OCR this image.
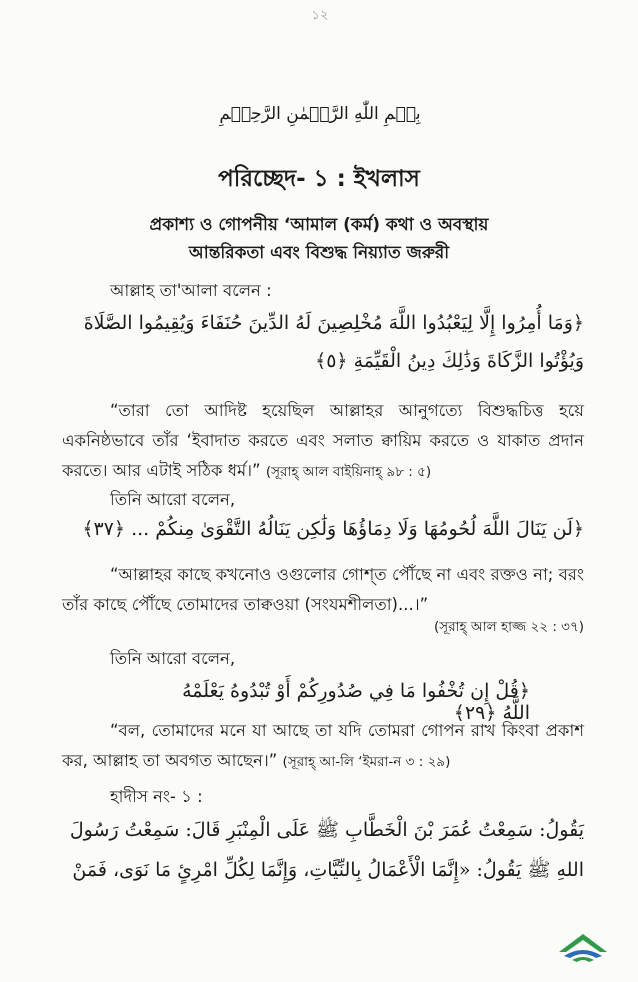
১২
بِسۡمِ اللّٰهِ الرَّحۡمٰنِ الرَّحِیۡمِ
পরিচ্ছেদ- ১ : ইখলাস
প্রকাশ্য ও গোপনীয় ‘আমাল (কর্ম) কথা ও অবস্থায়
আন্তরিকতা এবং বিশুদ্ধ নিয়্যাত জরুরী
আল্লাহ তা'আলা বলেন :
﴿وَمَا أُمِرُوا إِلَّا لِيَعْبُدُوا اللَّهَ مُخْلِصِينَ لَهُ الدِّينَ حُنَفَاءَ وَيُقِيمُوا الصَّلَاةَ
وَيُؤْتُوا الزَّكَاةَ وَذَٰلِكَ دِينُ الْقَيِّمَةِ ﴿٥﴾
“তারা তো আদিষ্ট হয়েছিল আল্লাহর আনুগত্যে বিশুদ্ধচিত্ত হয়ে একনিষ্ঠভাবে তাঁর ‘ইবাদাত করতে এবং সলাত ক্বায়িম করতে ও যাকাত প্রদান করতে। আর এটাই সঠিক ধর্ম।” (সূরাহ্ আল বাইয়িনাহ্ ৯৮ : ৫)
তিনি আরো বলেন,
﴿لَن يَنَالَ اللَّهَ لُحُومُهَا وَلَا دِمَاؤُهَا وَلَٰكِن يَنَالُهُ التَّقْوَىٰ مِنكُمْ ... ﴿٣٧﴾
“আল্লাহর কাছে কখনোও ওগুলোর গোশ্‌ত পৌঁছে না এবং রক্তও না; বরং তাঁর কাছে পৌঁছে তোমাদের তাক্বওয়া (সংযমশীলতা)...।”
(সূরাহ্ আল হাজ্জ ২২ : ৩৭)
তিনি আরো বলেন,
﴿قُلْ إِن تُخْفُوا مَا فِي صُدُورِكُمْ أَوْ تُبْدُوهُ يَعْلَمْهُ اللَّهُ ﴿٢٩﴾
“বল, তোমাদের মনে যা আছে তা যদি তোমরা গোপন রাখ কিংবা প্রকাশ কর, আল্লাহ তা অবগত আছেন।” (সূরাহ্ আ-লি ‘ইমরা-ন ৩ : ২৯)
হাদীস নং- ১ :
يَقُولُ: سَمِعْتُ عُمَرَ بْنَ الْخَطَّابِ ﷺ عَلَى الْمِنْبَرِ قَالَ: سَمِعْتُ رَسُولَ
اللهِ ﷺ يَقُولُ: «إِنَّمَا الْأَعْمَالُ بِالنِّيَّاتِ، وَإِنَّمَا لِكُلِّ امْرِئٍ مَا نَوَى، فَمَنْ
